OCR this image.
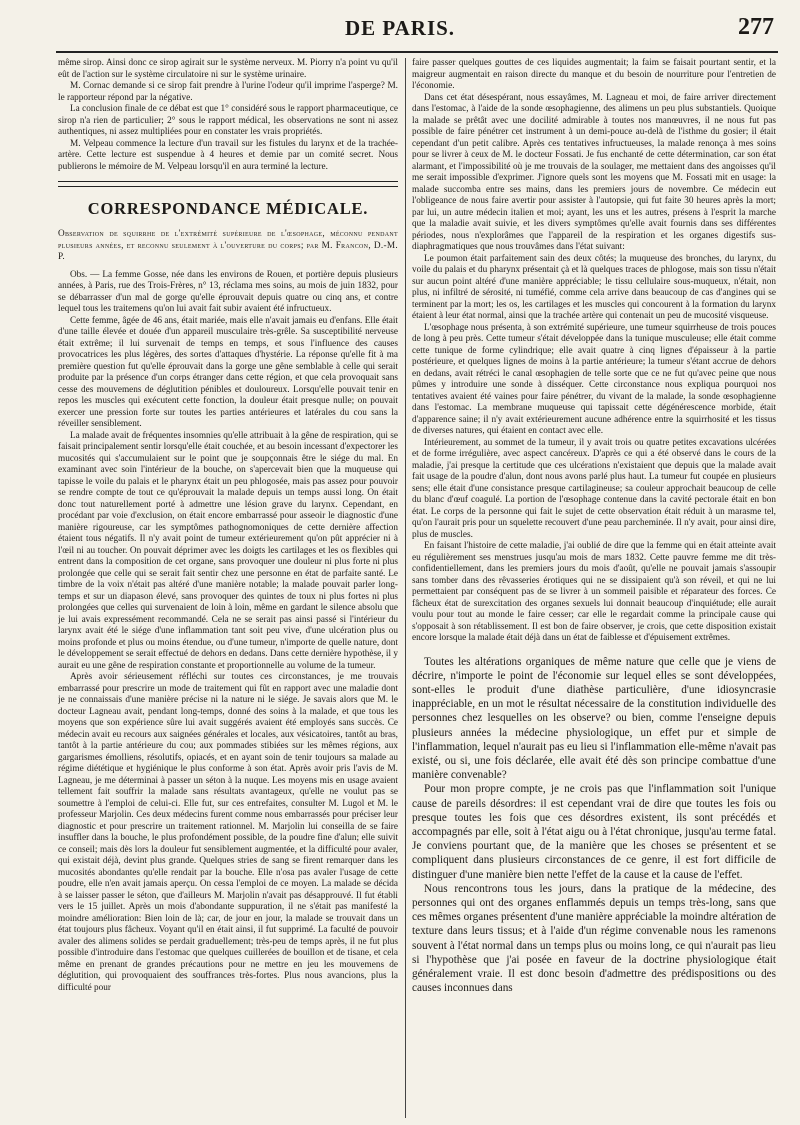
DE PARIS.	277

même sirop. Ainsi donc ce sirop agirait sur le système nerveux. M. Piorry n'a point vu qu'il eût de l'action sur le système circulatoire ni sur le système urinaire.

M. Cornac demande si ce sirop fait prendre à l'urine l'odeur qu'il imprime l'asperge? M. le rapporteur répond par la négative.

La conclusion finale de ce débat est que 1° considéré sous le rapport pharmaceutique, ce sirop n'a rien de particulier; 2° sous le rapport médical, les observations ne sont ni assez authentiques, ni assez multipliées pour en constater les vrais propriétés.

M. Velpeau commence la lecture d'un travail sur les fistules du larynx et de la trachée-artère. Cette lecture est suspendue à 4 heures et demie par un comité secret. Nous publierons le mémoire de M. Velpeau lorsqu'il en aura terminé la lecture.

CORRESPONDANCE MÉDICALE.
Observation de squirrhe de l'extrémité supérieure de l'œsophage, méconnu pendant plusieurs années, et reconnu seulement à l'ouverture du corps; par M. Francon, D.-M. P.

Obs. — La femme Gosse, née dans les environs de Rouen, et portière depuis plusieurs années, à Paris, rue des Trois-Frères, n° 13, réclama mes soins, au mois de juin 1832, pour se débarrasser d'un mal de gorge qu'elle éprouvait depuis quatre ou cinq ans, et contre lequel tous les traitemens qu'on lui avait fait subir avaient été infructueux.

Cette femme, âgée de 46 ans, était mariée, mais elle n'avait jamais eu d'enfans. Elle était d'une taille élevée et douée d'un appareil musculaire très-grêle. Sa susceptibilité nerveuse était extrême; il lui survenait de temps en temps, et sous l'influence des causes provocatrices les plus légères, des sortes d'attaques d'hystérie. La réponse qu'elle fit à ma première question fut qu'elle éprouvait dans la gorge une gêne semblable à celle qui serait produite par la présence d'un corps étranger dans cette région, et que cela provoquait sans cesse des mouvemens de déglutition pénibles et douloureux. Lorsqu'elle pouvait tenir en repos les muscles qui exécutent cette fonction, la douleur était presque nulle; on pouvait exercer une pression forte sur toutes les parties antérieures et latérales du cou sans la réveiller sensiblement.

La malade avait de fréquentes insomnies qu'elle attribuait à la gêne de respiration, qui se faisait principalement sentir lorsqu'elle était couchée, et au besoin incessant d'expectorer les mucosités qui s'accumulaient sur le point que je soupçonnais être le siége du mal. En examinant avec soin l'intérieur de la bouche, on s'apercevait bien que la muqueuse qui tapisse le voile du palais et le pharynx était un peu phlogosée, mais pas assez pour pouvoir se rendre compte de tout ce qu'éprouvait la malade depuis un temps aussi long. On était donc tout naturellement porté à admettre une lésion grave du larynx. Cependant, en procédant par voie d'exclusion, on était encore embarrassé pour asseoir le diagnostic d'une manière rigoureuse, car les symptômes pathognomoniques de cette dernière affection étaient tous négatifs. Il n'y avait point de tumeur extérieurement qu'on pût apprécier ni à l'œil ni au toucher. On pouvait déprimer avec les doigts les cartilages et les os flexibles qui entrent dans la composition de cet organe, sans provoquer une douleur ni plus forte ni plus prolongée que celle qui se serait fait sentir chez une personne en état de parfaite santé. Le timbre de la voix n'était pas altéré d'une manière notable; la malade pouvait parler long-temps et sur un diapason élevé, sans provoquer des quintes de toux ni plus fortes ni plus prolongées que celles qui survenaient de loin à loin, même en gardant le silence absolu que je lui avais expressément recommandé. Cela ne se serait pas ainsi passé si l'intérieur du larynx avait été le siége d'une inflammation tant soit peu vive, d'une ulcération plus ou moins profonde et plus ou moins étendue, ou d'une tumeur, n'importe de quelle nature, dont le développement se serait effectué de dehors en dedans. Dans cette dernière hypothèse, il y aurait eu une gêne de respiration constante et proportionnelle au volume de la tumeur.

Après avoir sérieusement réfléchi sur toutes ces circonstances, je me trouvais embarrassé pour prescrire un mode de traitement qui fût en rapport avec une maladie dont je ne connaissais d'une manière précise ni la nature ni le siége. Je savais alors que M. le docteur Lagneau avait, pendant long-temps, donné des soins à la malade, et que tous les moyens que son expérience sûre lui avait suggérés avaient été employés sans succès. Ce médecin avait eu recours aux saignées générales et locales, aux vésicatoires, tantôt au bras, tantôt à la partie antérieure du cou; aux pommades stibiées sur les mêmes régions, aux gargarismes émolliens, résolutifs, opiacés, et en ayant soin de tenir toujours sa malade au régime diététique et hygiénique le plus conforme à son état. Après avoir pris l'avis de M. Lagneau, je me déterminai à passer un séton à la nuque. Les moyens mis en usage avaient tellement fait souffrir la malade sans résultats avantageux, qu'elle ne voulut pas se soumettre à l'emploi de celui-ci. Elle fut, sur ces entrefaites, consulter M. Lugol et M. le professeur Marjolin. Ces deux médecins furent comme nous embarrassés pour préciser leur diagnostic et pour prescrire un traitement rationnel. M. Marjolin lui conseilla de se faire insuffler dans la bouche, le plus profondément possible, de la poudre fine d'alun; elle suivit ce conseil; mais dès lors la douleur fut sensiblement augmentée, et la difficulté pour avaler, qui existait déjà, devint plus grande. Quelques stries de sang se firent remarquer dans les mucosités abondantes qu'elle rendait par la bouche. Elle n'osa pas avaler l'usage de cette poudre, elle n'en avait jamais aperçu. On cessa l'emploi de ce moyen. La malade se décida à se laisser passer le séton, que d'ailleurs M. Marjolin n'avait pas désapprouvé. Il fut établi vers le 15 juillet. Après un mois d'abondante suppuration, il ne s'était pas manifesté la moindre amélioration: Bien loin de là; car, de jour en jour, la malade se trouvait dans un état toujours plus fâcheux. Voyant qu'il en était ainsi, il fut supprimé. La faculté de pouvoir avaler des alimens solides se perdait graduellement; très-peu de temps après, il ne fut plus possible d'introduire dans l'estomac que quelques cuillerées de bouillon et de tisane, et cela même en prenant de grandes précautions pour ne mettre en jeu les mouvemens de déglutition, qui provoquaient des souffrances très-fortes. Plus nous avancions, plus la difficulté pour

faire passer quelques gouttes de ces liquides augmentait; la faim se faisait pourtant sentir, et la maigreur augmentait en raison directe du manque et du besoin de nourriture pour l'entretien de l'économie.

Dans cet état désespérant, nous essayâmes, M. Lagneau et moi, de faire arriver directement dans l'estomac, à l'aide de la sonde œsophagienne, des alimens un peu plus substantiels. Quoique la malade se prêtât avec une docilité admirable à toutes nos manœuvres, il ne nous fut pas possible de faire pénétrer cet instrument à un demi-pouce au-delà de l'isthme du gosier; il était cependant d'un petit calibre. Après ces tentatives infructueuses, la malade renonça à mes soins pour se livrer à ceux de M. le docteur Fossati. Je fus enchanté de cette détermination, car son état alarmant, et l'impossibilité où je me trouvais de la soulager, me mettaient dans des angoisses qu'il me serait impossible d'exprimer. J'ignore quels sont les moyens que M. Fossati mit en usage: la malade succomba entre ses mains, dans les premiers jours de novembre. Ce médecin eut l'obligeance de nous faire avertir pour assister à l'autopsie, qui fut faite 30 heures après la mort; par lui, un autre médecin italien et moi; ayant, les uns et les autres, présens à l'esprit la marche que la maladie avait suivie, et les divers symptômes qu'elle avait fournis dans ses différentes périodes, nous n'explorâmes que l'appareil de la respiration et les organes digestifs sus-diaphragmatiques que nous trouvâmes dans l'état suivant:

Le poumon était parfaitement sain des deux côtés; la muqueuse des bronches, du larynx, du voile du palais et du pharynx présentait çà et là quelques traces de phlogose, mais son tissu n'était sur aucun point altéré d'une manière appréciable; le tissu cellulaire sous-muqueux, n'était, non plus, ni infiltré de sérosité, ni tuméfié, comme cela arrive dans beaucoup de cas d'angines qui se terminent par la mort; les os, les cartilages et les muscles qui concourent à la formation du larynx étaient à leur état normal, ainsi que la trachée artère qui contenait un peu de mucosité visqueuse.

L'œsophage nous présenta, à son extrémité supérieure, une tumeur squirrheuse de trois pouces de long à peu près. Cette tumeur s'était développée dans la tunique musculeuse; elle était comme cette tunique de forme cylindrique; elle avait quatre à cinq lignes d'épaisseur à la partie postérieure, et quelques lignes de moins à la partie antérieure; la tumeur s'étant accrue de dehors en dedans, avait rétréci le canal œsophagien de telle sorte que ce ne fut qu'avec peine que nous pûmes y introduire une sonde à disséquer. Cette circonstance nous expliqua pourquoi nos tentatives avaient été vaines pour faire pénétrer, du vivant de la malade, la sonde œsophagienne dans l'estomac. La membrane muqueuse qui tapissait cette dégénérescence morbide, était d'apparence saine; il n'y avait extérieurement aucune adhérence entre la squirrhosité et les tissus de diverses natures, qui étaient en contact avec elle.

Intérieurement, au sommet de la tumeur, il y avait trois ou quatre petites excavations ulcérées et de forme irrégulière, avec aspect cancéreux. D'après ce qui a été observé dans le cours de la maladie, j'ai presque la certitude que ces ulcérations n'existaient que depuis que la malade avait fait usage de la poudre d'alun, dont nous avons parlé plus haut. La tumeur fut coupée en plusieurs sens; elle était d'une consistance presque cartilagineuse; sa couleur approchait beaucoup de celle du blanc d'œuf coagulé. La portion de l'œsophage contenue dans la cavité pectorale était en bon état. Le corps de la personne qui fait le sujet de cette observation était réduit à un marasme tel, qu'on l'aurait pris pour un squelette recouvert d'une peau parcheminée. Il n'y avait, pour ainsi dire, plus de muscles.

En faisant l'histoire de cette maladie, j'ai oublié de dire que la femme qui en était atteinte avait eu régulièrement ses menstrues jusqu'au mois de mars 1832. Cette pauvre femme me dit très-confidentiellement, dans les premiers jours du mois d'août, qu'elle ne pouvait jamais s'assoupir sans tomber dans des rêvasseries érotiques qui ne se dissipaient qu'à son réveil, et qui ne lui permettaient par conséquent pas de se livrer à un sommeil paisible et réparateur des forces. Ce fâcheux état de surexcitation des organes sexuels lui donnait beaucoup d'inquiétude; elle aurait voulu pour tout au monde le faire cesser; car elle le regardait comme la principale cause qui s'opposait à son rétablissement. Il est bon de faire observer, je crois, que cette disposition existait encore lorsque la malade était déjà dans un état de faiblesse et d'épuisement extrêmes.

Toutes les altérations organiques de même nature que celle que je viens de décrire, n'importe le point de l'économie sur lequel elles se sont développées, sont-elles le produit d'une diathèse particulière, d'une idiosyncrasie inappréciable, en un mot le résultat nécessaire de la constitution individuelle des personnes chez lesquelles on les observe? ou bien, comme l'enseigne depuis plusieurs années la médecine physiologique, un effet pur et simple de l'inflammation, lequel n'aurait pas eu lieu si l'inflammation elle-même n'avait pas existé, ou si, une fois déclarée, elle avait été dès son principe combattue d'une manière convenable?

Pour mon propre compte, je ne crois pas que l'inflammation soit l'unique cause de pareils désordres: il est cependant vrai de dire que toutes les fois ou presque toutes les fois que ces désordres existent, ils sont précédés et accompagnés par elle, soit à l'état aigu ou à l'état chronique, jusqu'au terme fatal. Je conviens pourtant que, de la manière que les choses se présentent et se compliquent dans plusieurs circonstances de ce genre, il est fort difficile de distinguer d'une manière bien nette l'effet de la cause et la cause de l'effet.

Nous rencontrons tous les jours, dans la pratique de la médecine, des personnes qui ont des organes enflammés depuis un temps très-long, sans que ces mêmes organes présentent d'une manière appréciable la moindre altération de texture dans leurs tissus; et à l'aide d'un régime convenable nous les ramenons souvent à l'état normal dans un temps plus ou moins long, ce qui n'aurait pas lieu si l'hypothèse que j'ai posée en faveur de la doctrine physiologique était généralement vraie. Il est donc besoin d'admettre des prédispositions ou des causes inconnues dans
